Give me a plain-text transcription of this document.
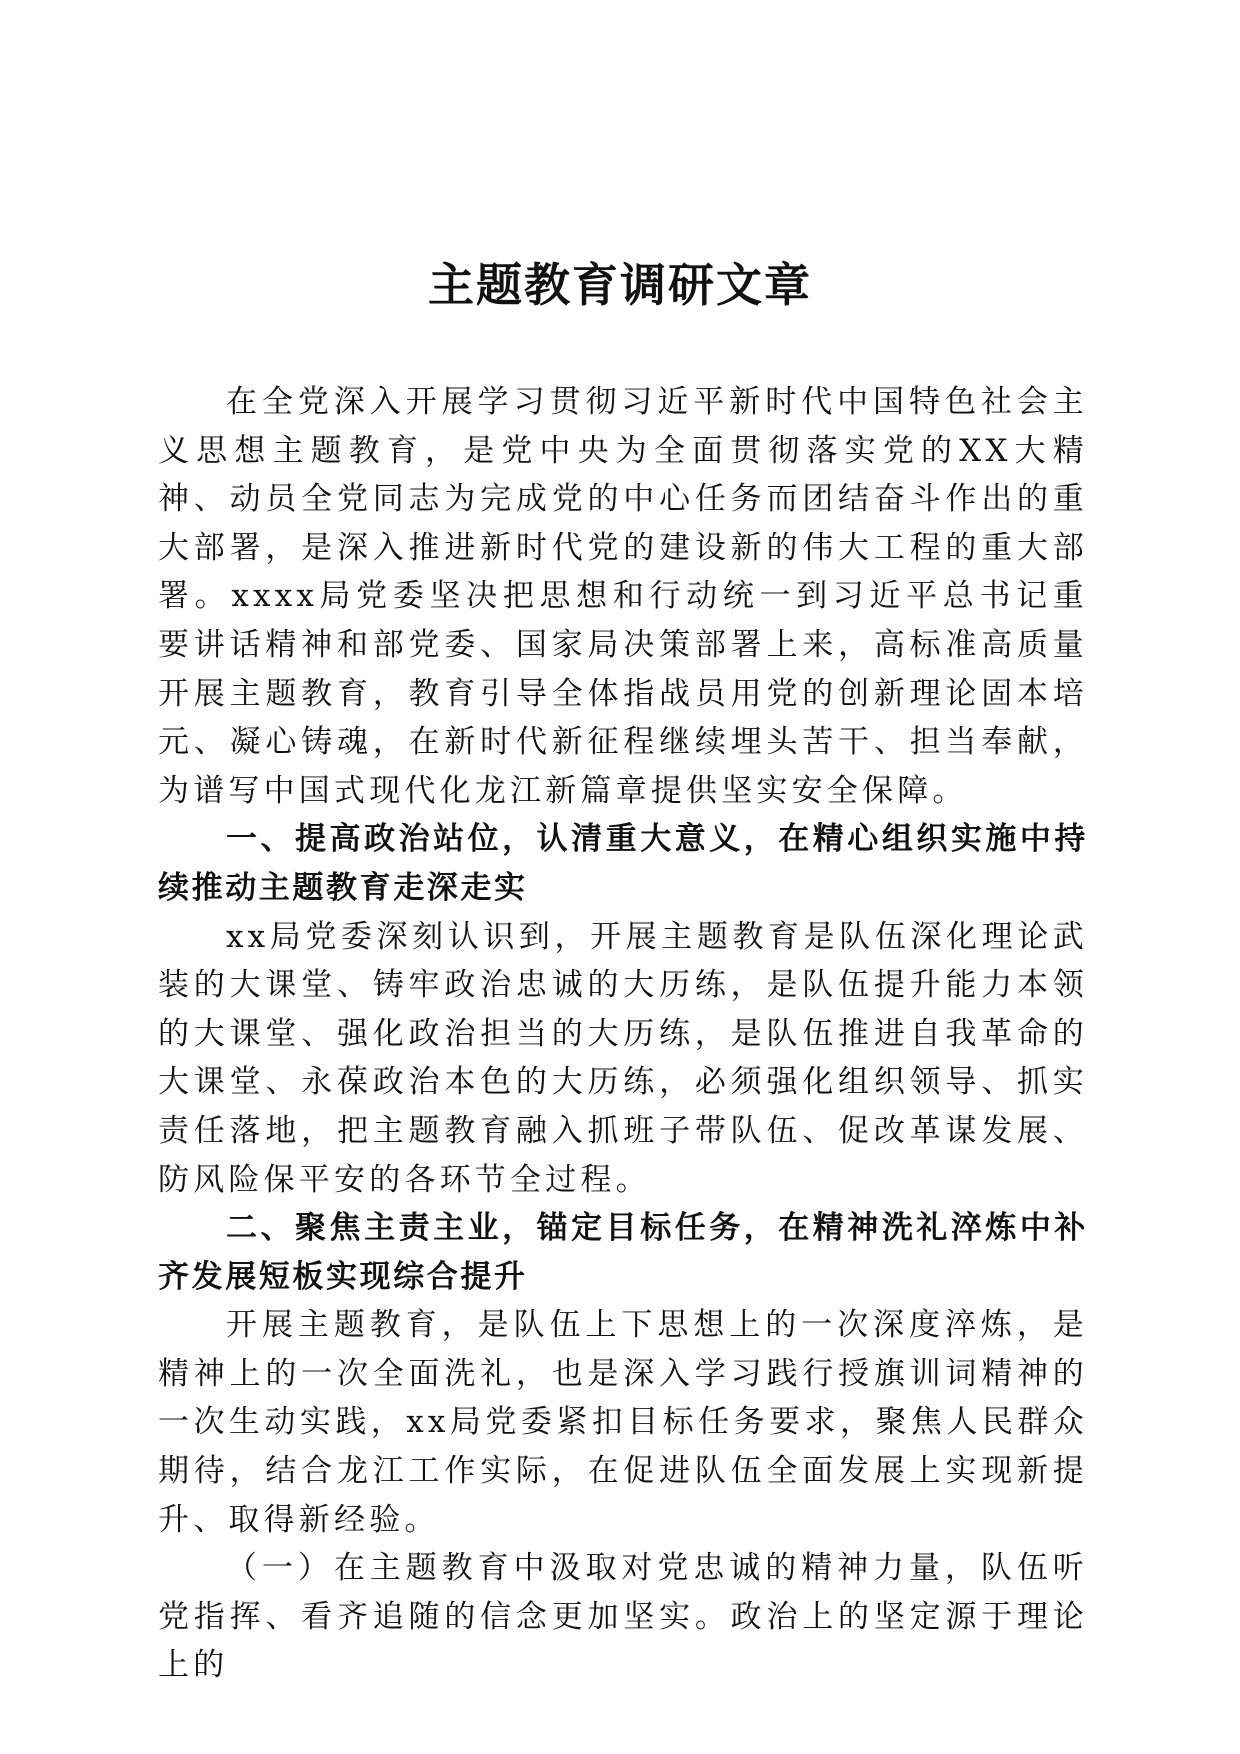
主题教育调研文章

在全党深入开展学习贯彻习近平新时代中国特色社会主义思想主题教育，是党中央为全面贯彻落实党的XX大精神、动员全党同志为完成党的中心任务而团结奋斗作出的重大部署，是深入推进新时代党的建设新的伟大工程的重大部署。xxxx局党委坚决把思想和行动统一到习近平总书记重要讲话精神和部党委、国家局决策部署上来，高标准高质量开展主题教育，教育引导全体指战员用党的创新理论固本培元、凝心铸魂，在新时代新征程继续埋头苦干、担当奉献，为谱写中国式现代化龙江新篇章提供坚实安全保障。

一、提高政治站位，认清重大意义，在精心组织实施中持续推动主题教育走深走实

xx局党委深刻认识到，开展主题教育是队伍深化理论武装的大课堂、铸牢政治忠诚的大历练，是队伍提升能力本领的大课堂、强化政治担当的大历练，是队伍推进自我革命的大课堂、永葆政治本色的大历练，必须强化组织领导、抓实责任落地，把主题教育融入抓班子带队伍、促改革谋发展、防风险保平安的各环节全过程。

二、聚焦主责主业，锚定目标任务，在精神洗礼淬炼中补齐发展短板实现综合提升

开展主题教育，是队伍上下思想上的一次深度淬炼，是精神上的一次全面洗礼，也是深入学习践行授旗训词精神的一次生动实践，xx局党委紧扣目标任务要求，聚焦人民群众期待，结合龙江工作实际，在促进队伍全面发展上实现新提升、取得新经验。

（一）在主题教育中汲取对党忠诚的精神力量，队伍听党指挥、看齐追随的信念更加坚实。政治上的坚定源于理论上的
